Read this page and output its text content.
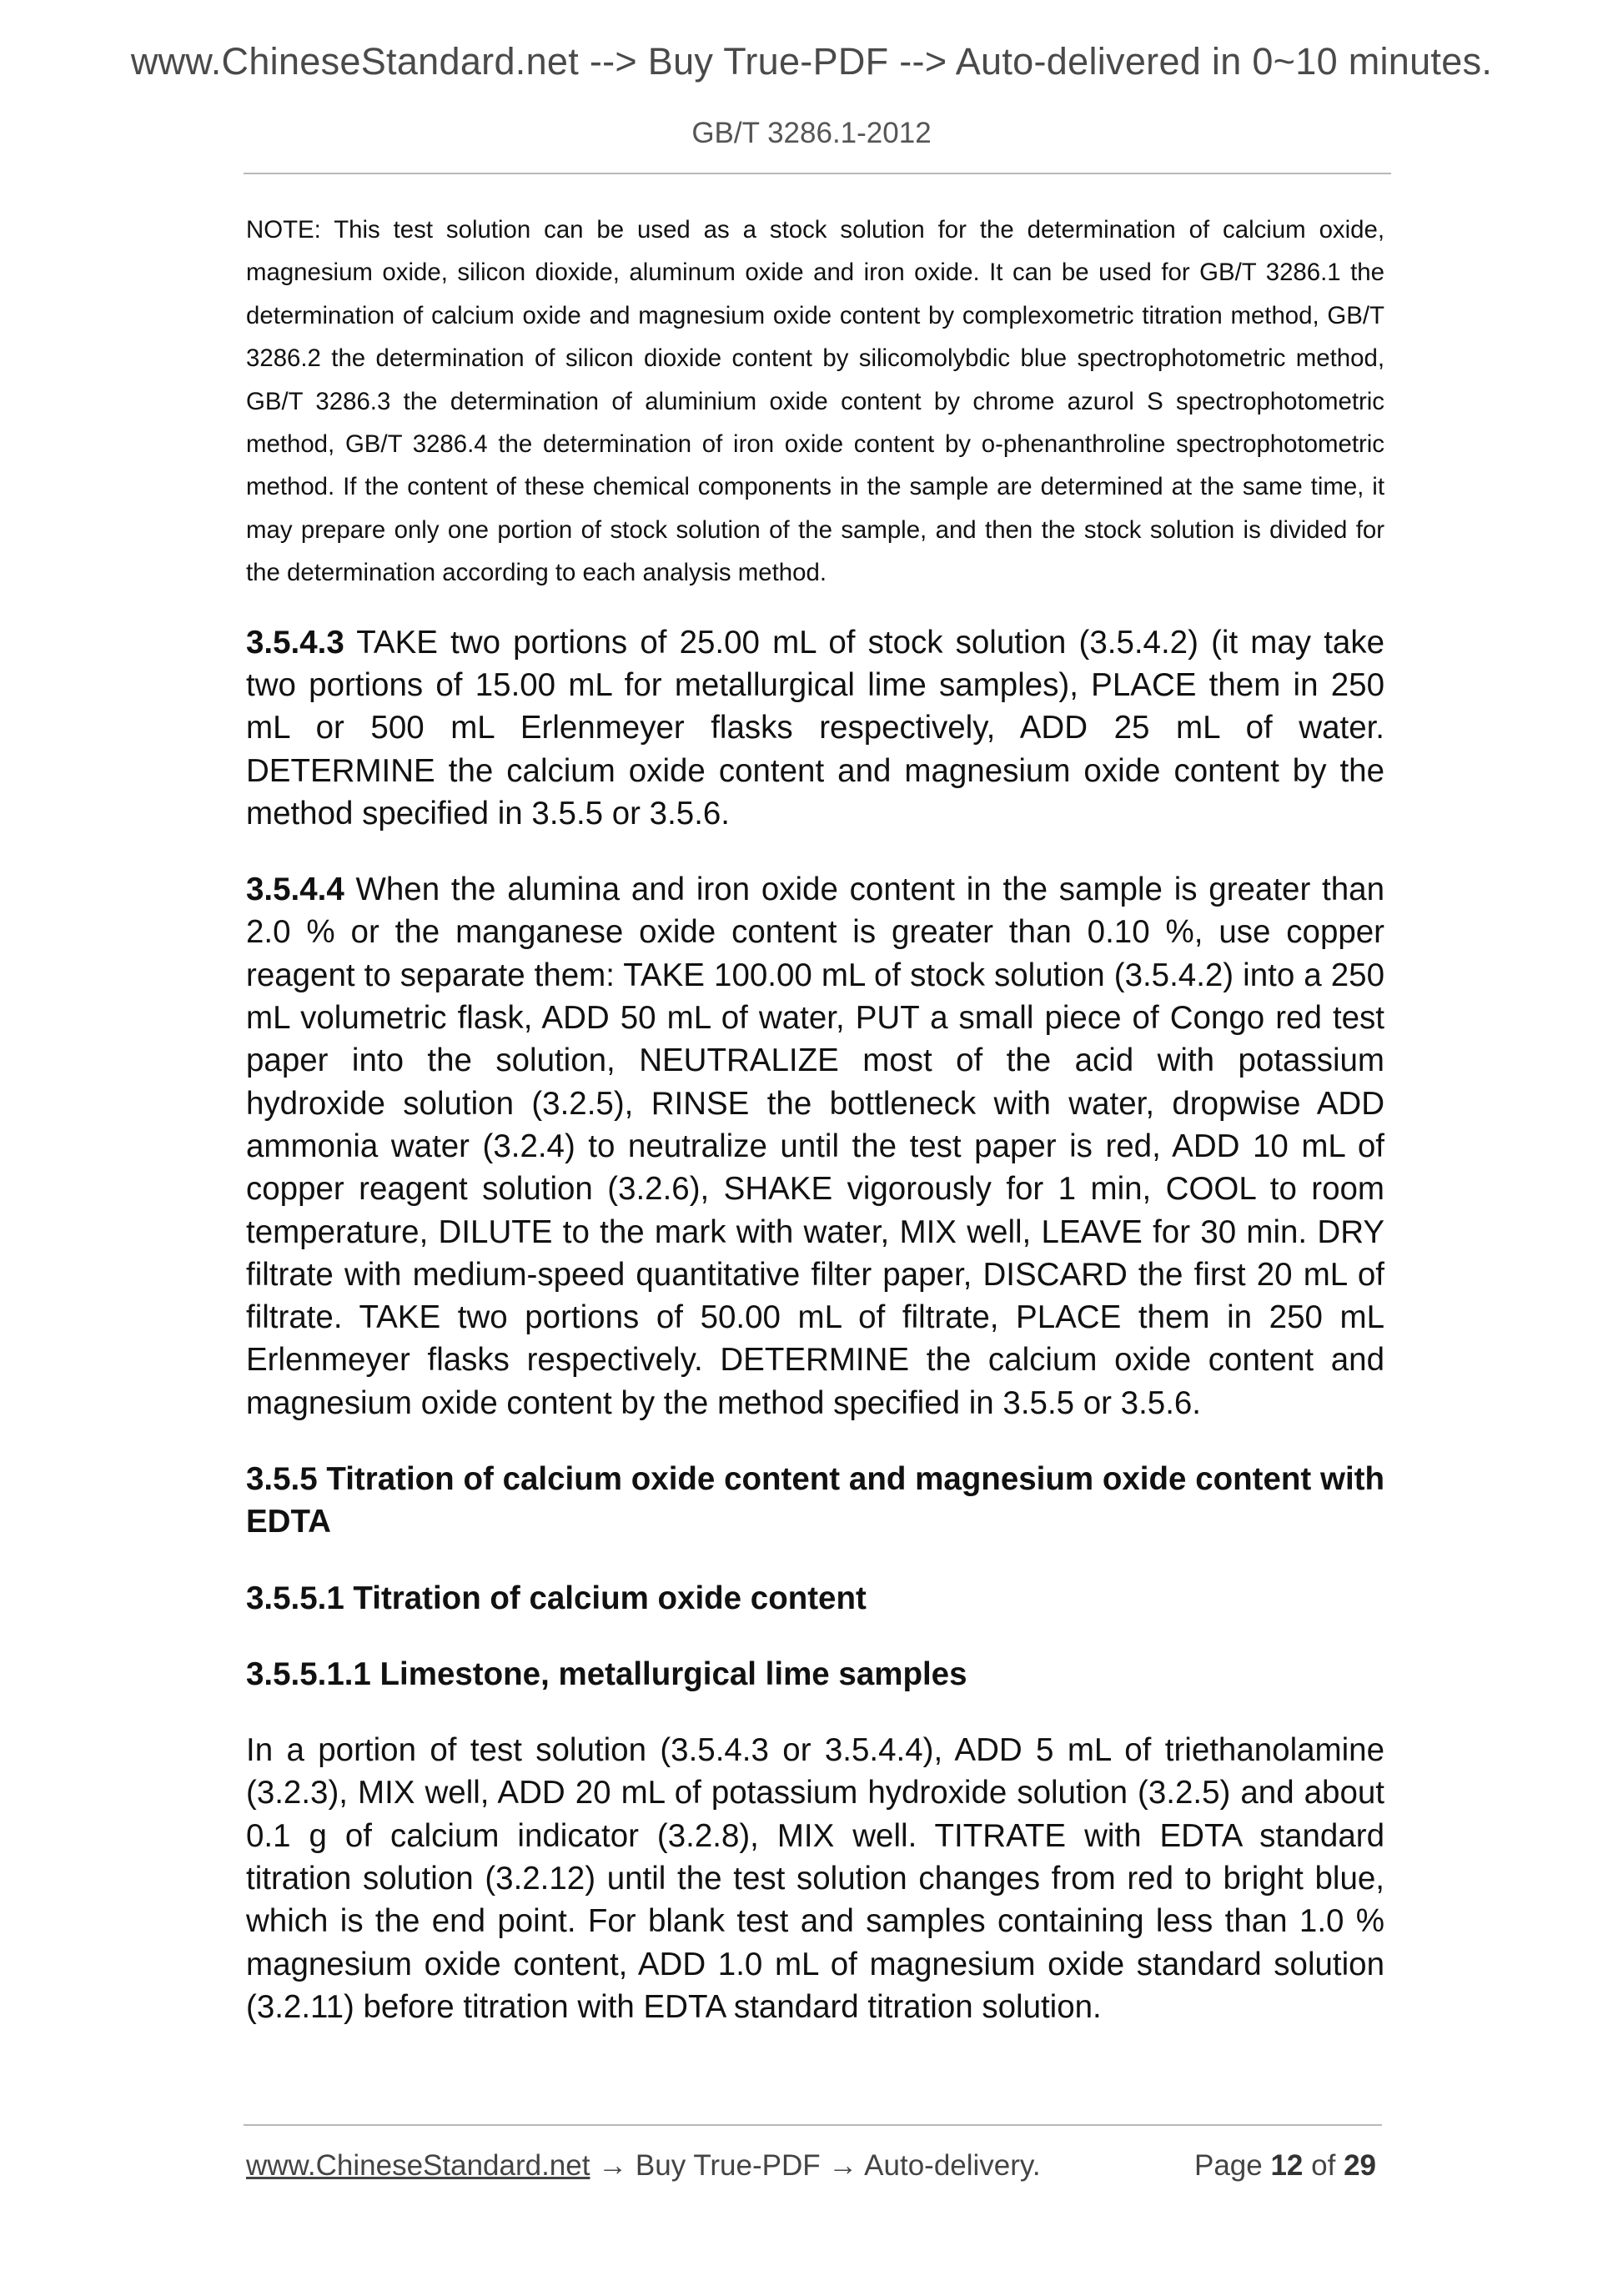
www.ChineseStandard.net --> Buy True-PDF --> Auto-delivered in 0~10 minutes.
GB/T 3286.1-2012

NOTE: This test solution can be used as a stock solution for the determination of calcium oxide, magnesium oxide, silicon dioxide, aluminum oxide and iron oxide. It can be used for GB/T 3286.1 the determination of calcium oxide and magnesium oxide content by complexometric titration method, GB/T 3286.2 the determination of silicon dioxide content by silicomolybdic blue spectrophotometric method, GB/T 3286.3 the determination of aluminium oxide content by chrome azurol S spectrophotometric method, GB/T 3286.4 the determination of iron oxide content by o-phenanthroline spectrophotometric method. If the content of these chemical components in the sample are determined at the same time, it may prepare only one portion of stock solution of the sample, and then the stock solution is divided for the determination according to each analysis method.

3.5.4.3 TAKE two portions of 25.00 mL of stock solution (3.5.4.2) (it may take two portions of 15.00 mL for metallurgical lime samples), PLACE them in 250 mL or 500 mL Erlenmeyer flasks respectively, ADD 25 mL of water. DETERMINE the calcium oxide content and magnesium oxide content by the method specified in 3.5.5 or 3.5.6.

3.5.4.4 When the alumina and iron oxide content in the sample is greater than 2.0 % or the manganese oxide content is greater than 0.10 %, use copper reagent to separate them: TAKE 100.00 mL of stock solution (3.5.4.2) into a 250 mL volumetric flask, ADD 50 mL of water, PUT a small piece of Congo red test paper into the solution, NEUTRALIZE most of the acid with potassium hydroxide solution (3.2.5), RINSE the bottleneck with water, dropwise ADD ammonia water (3.2.4) to neutralize until the test paper is red, ADD 10 mL of copper reagent solution (3.2.6), SHAKE vigorously for 1 min, COOL to room temperature, DILUTE to the mark with water, MIX well, LEAVE for 30 min. DRY filtrate with medium-speed quantitative filter paper, DISCARD the first 20 mL of filtrate. TAKE two portions of 50.00 mL of filtrate, PLACE them in 250 mL Erlenmeyer flasks respectively. DETERMINE the calcium oxide content and magnesium oxide content by the method specified in 3.5.5 or 3.5.6.

3.5.5 Titration of calcium oxide content and magnesium oxide content with EDTA

3.5.5.1 Titration of calcium oxide content

3.5.5.1.1 Limestone, metallurgical lime samples

In a portion of test solution (3.5.4.3 or 3.5.4.4), ADD 5 mL of triethanolamine (3.2.3), MIX well, ADD 20 mL of potassium hydroxide solution (3.2.5) and about 0.1 g of calcium indicator (3.2.8), MIX well. TITRATE with EDTA standard titration solution (3.2.12) until the test solution changes from red to bright blue, which is the end point. For blank test and samples containing less than 1.0 % magnesium oxide content, ADD 1.0 mL of magnesium oxide standard solution (3.2.11) before titration with EDTA standard titration solution.

www.ChineseStandard.net → Buy True-PDF → Auto-delivery.	Page 12 of 29
